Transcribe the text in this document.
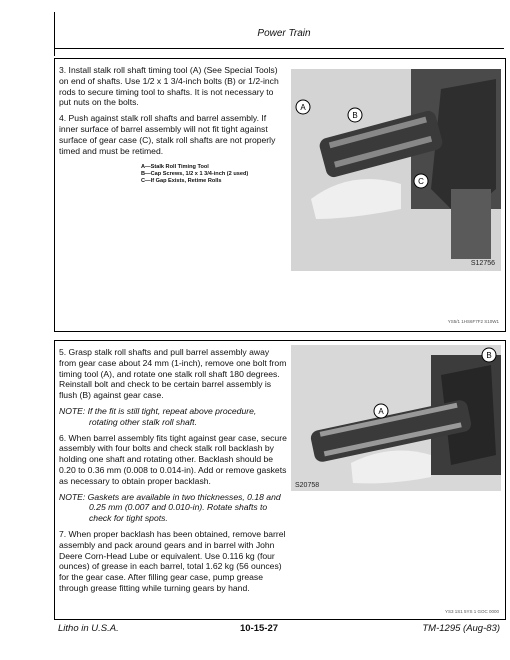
Power Train

3. Install stalk roll shaft timing tool (A) (See Special Tools) on end of shafts. Use 1/2 x 1 3/4-inch bolts (B) or 1/2-inch rods to secure timing tool to shafts. It is not necessary to put nuts on the bolts.

4. Push against stalk roll shafts and barrel assembly. If inner surface of barrel assembly will not fit tight against surface of gear case (C), stalk roll shafts are not properly timed and must be retimed.

A—Stalk Roll Timing Tool
B—Cap Screws, 1/2 x 1 3/4-inch (2 used)
C—If Gap Exists, Retime Rolls
A
B
C
S12756
YS5/1 1HS6F7F2 S10W1

5. Grasp stalk roll shafts and pull barrel assembly away from gear case about 24 mm (1-inch), remove one bolt from timing tool (A), and rotate one stalk roll shaft 180 degrees. Reinstall bolt and check to be certain barrel assembly is flush (B) against gear case.

NOTE: If the fit is still tight, repeat above procedure, rotating other stalk roll shaft.

6. When barrel assembly fits tight against gear case, secure assembly with four bolts and check stalk roll backlash by holding one shaft and rotating other. Backlash should be 0.20 to 0.36 mm (0.008 to 0.014-in). Add or remove gaskets as necessary to obtain proper backlash.

NOTE: Gaskets are available in two thicknesses, 0.18 and 0.25 mm (0.007 and 0.010-in). Rotate shafts to check for tight spots.

7. When proper backlash has been obtained, remove barrel assembly and pack around gears and in barrel with John Deere Corn-Head Lube or equivalent. Use 0.116 kg (four ounces) of grease in each barrel, total 1.62 kg (56 ounces) for the gear case. After filling gear case, pump grease through grease fitting while turning gears by hand.

B
A
S20758
YS3 1S1 5YS 1 GOC 0000
Litho in U.S.A.	10-15-27	TM-1295 (Aug-83)
